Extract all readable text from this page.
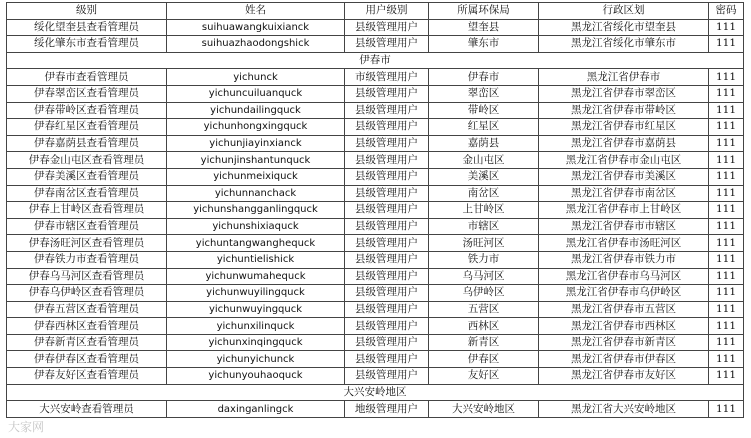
级别	姓名	用户级别	所属环保局	行政区划	密码
绥化望奎县查看管理员	suihuawangkuixianck	县级管理用户	望奎县	黑龙江省绥化市望奎县	111
绥化肇东市查看管理员	suihuazhaodongshick	县级管理用户	肇东市	黑龙江省绥化市肇东市	111
伊春市					
伊春市查看管理员	yichunck	市级管理用户	伊春市	黑龙江省伊春市	111
伊春翠峦区查看管理员	yichuncuiluanquck	县级管理用户	翠峦区	黑龙江省伊春市翠峦区	111
伊春带岭区查看管理员	yichundailingquck	县级管理用户	带岭区	黑龙江省伊春市带岭区	111
伊春红星区查看管理员	yichunhongxingquck	县级管理用户	红星区	黑龙江省伊春市红星区	111
伊春嘉荫县查看管理员	yichunjiayinxianck	县级管理用户	嘉荫县	黑龙江省伊春市嘉荫县	111
伊春金山屯区查看管理员	yichunjinshantunquck	县级管理用户	金山屯区	黑龙江省伊春市金山屯区	111
伊春美溪区查看管理员	yichunmeixiquck	县级管理用户	美溪区	黑龙江省伊春市美溪区	111
伊春南岔区查看管理员	yichunnanchack	县级管理用户	南岔区	黑龙江省伊春市南岔区	111
伊春上甘岭区查看管理员	yichunshangganlingquck	县级管理用户	上甘岭区	黑龙江省伊春市上甘岭区	111
伊春市辖区查看管理员	yichunshixiaquck	县级管理用户	市辖区	黑龙江省伊春市市辖区	111
伊春汤旺河区查看管理员	yichuntangwanghequck	县级管理用户	汤旺河区	黑龙江省伊春市汤旺河区	111
伊春铁力市查看管理员	yichuntielishick	县级管理用户	铁力市	黑龙江省伊春市铁力市	111
伊春乌马河区查看管理员	yichunwumahequck	县级管理用户	乌马河区	黑龙江省伊春市乌马河区	111
伊春乌伊岭区查看管理员	yichunwuyilingquck	县级管理用户	乌伊岭区	黑龙江省伊春市乌伊岭区	111
伊春五营区查看管理员	yichunwuyingquck	县级管理用户	五营区	黑龙江省伊春市五营区	111
伊春西林区查看管理员	yichunxilinquck	县级管理用户	西林区	黑龙江省伊春市西林区	111
伊春新青区查看管理员	yichunxinqingquck	县级管理用户	新青区	黑龙江省伊春市新青区	111
伊春伊春区查看管理员	yichunyichunck	县级管理用户	伊春区	黑龙江省伊春市伊春区	111
伊春友好区查看管理员	yichunyouhaoquck	县级管理用户	友好区	黑龙江省伊春市友好区	111
大兴安岭地区					
大兴安岭查看管理员	daxinganlingck	地级管理用户	大兴安岭地区	黑龙江省大兴安岭地区	111
大家网
